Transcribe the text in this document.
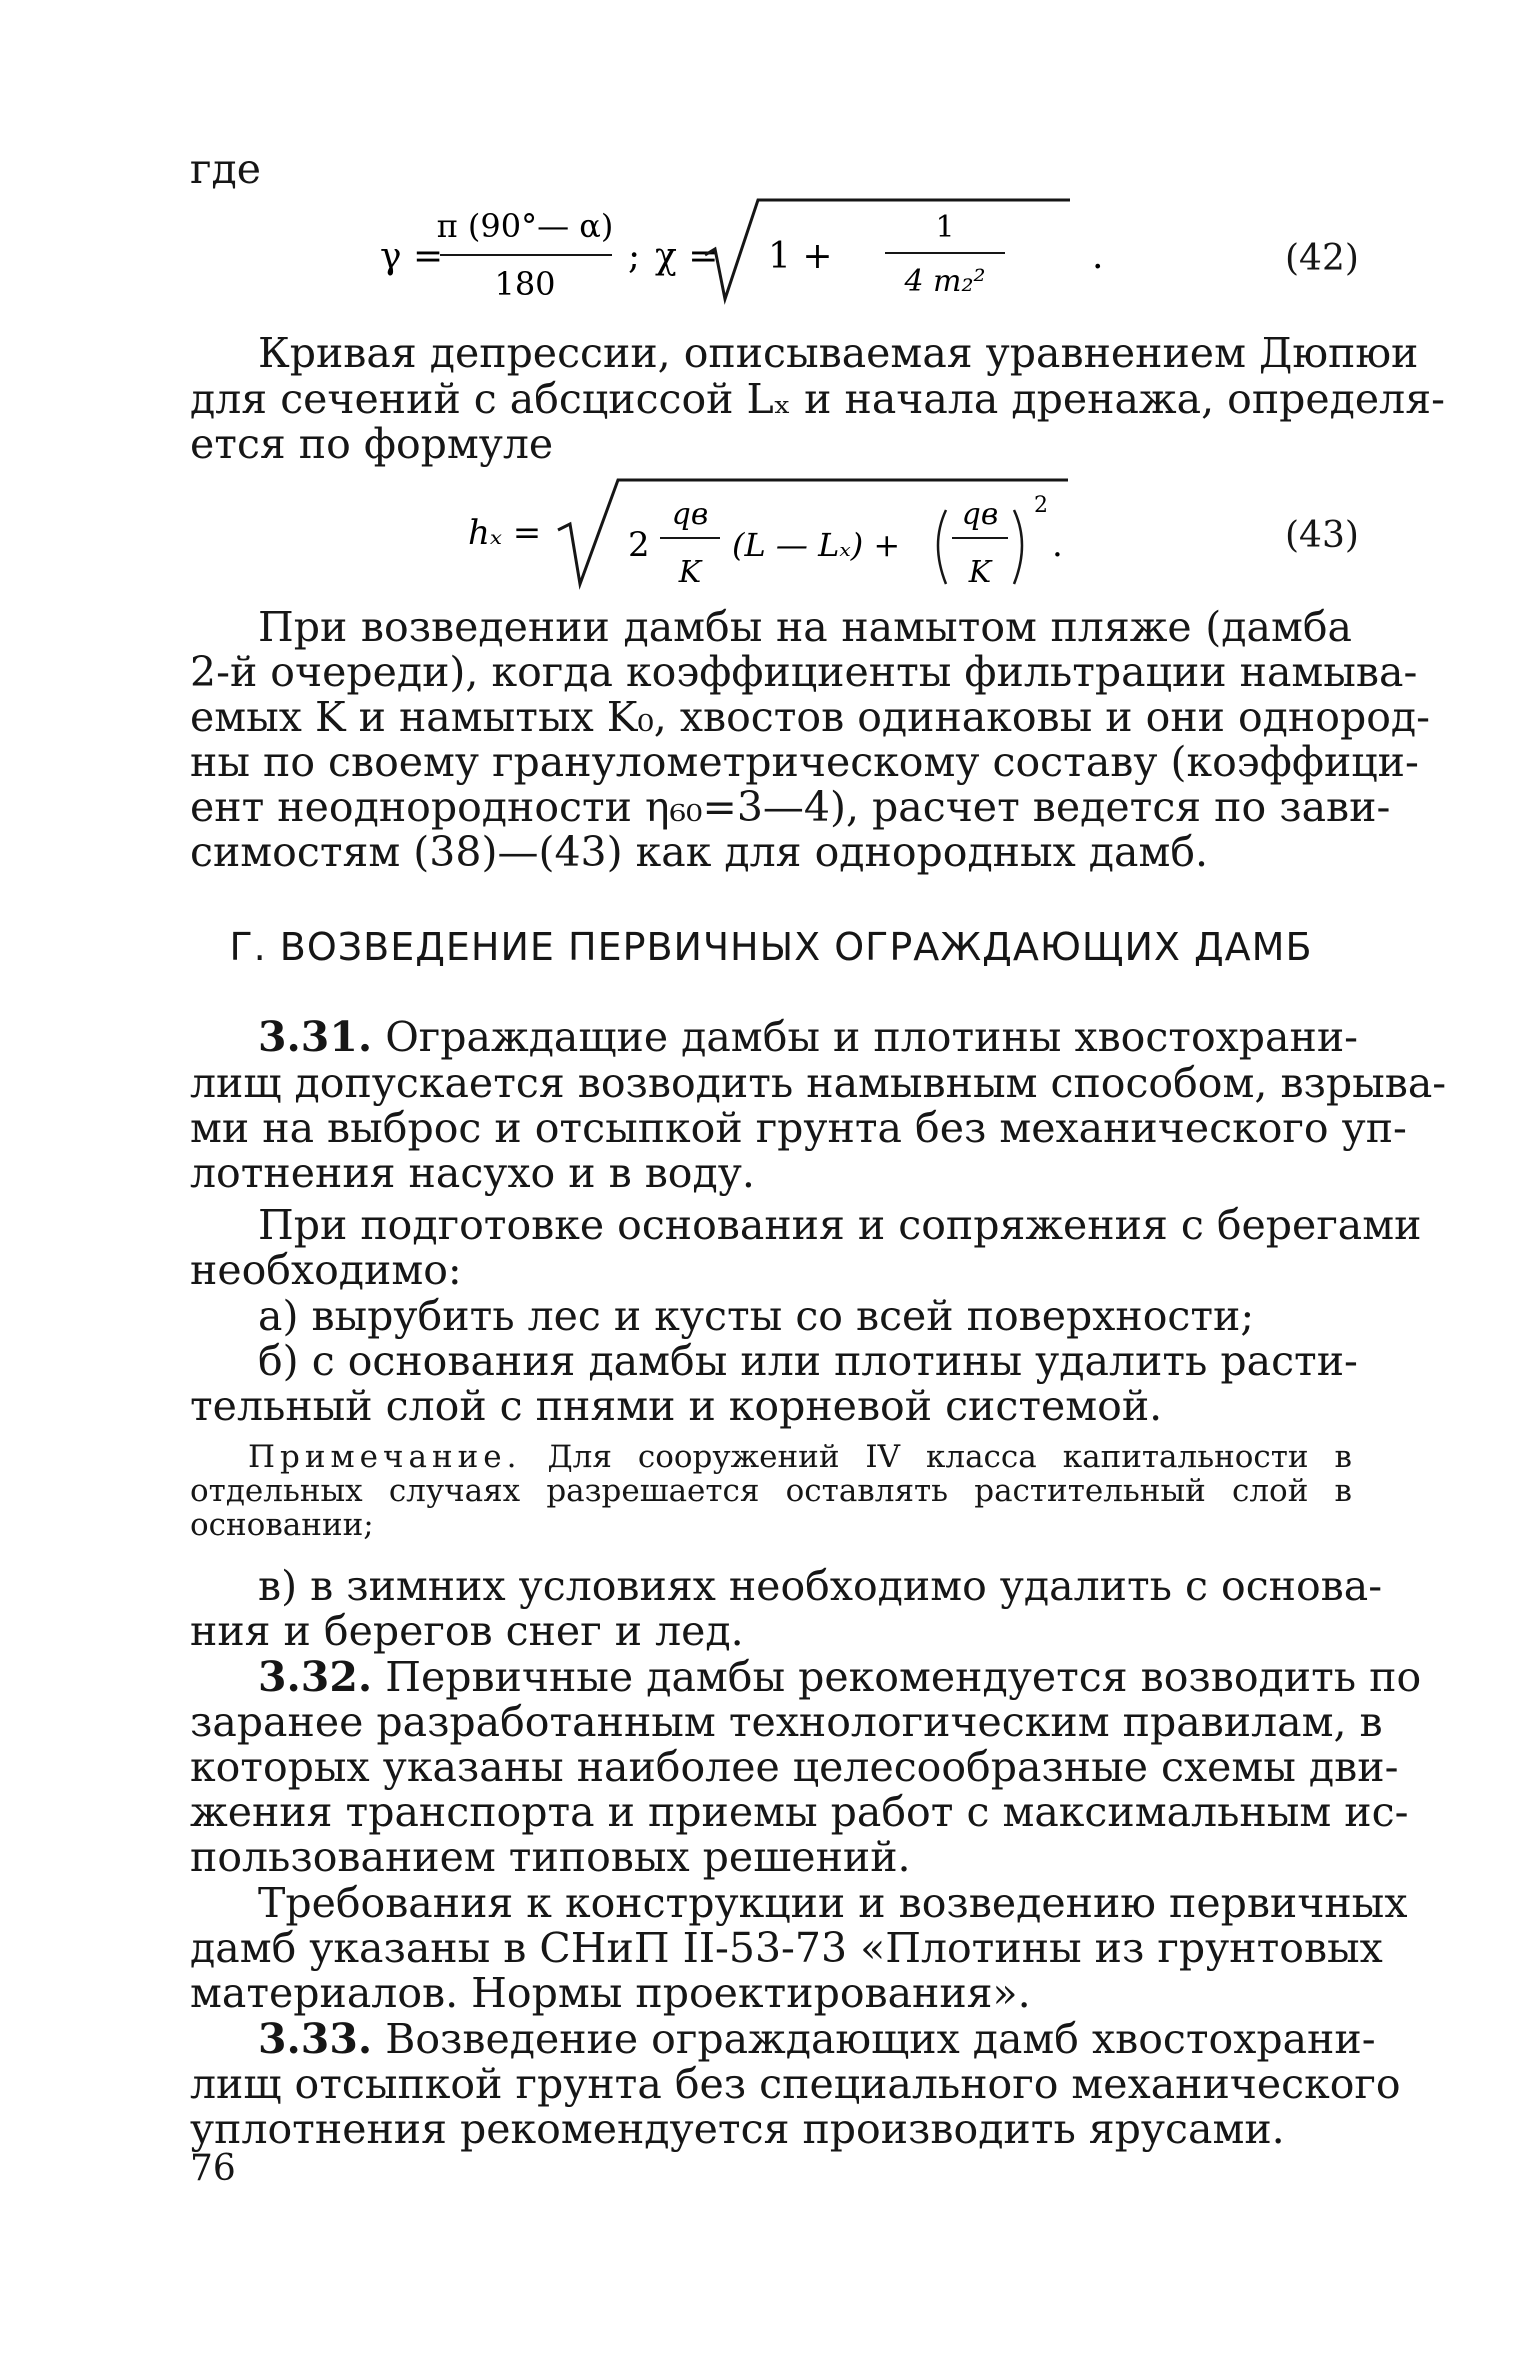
где
γ =
π (90°— α)
180
; χ = 1 +
1
4 m₂²
.	(42)
Кривая депрессии, описываемая уравнением Дюпюи
для сечений с абсциссой Lₓ и начала дренажа, определя-
ется по формуле
hₓ =	2
qв
K
(L — Lₓ) +
qв
K
2
.	(43)
При возведении дамбы на намытом пляже (дамба
2-й очереди), когда коэффициенты фильтрации намыва-
емых K и намытых K₀, хвостов одинаковы и они однород-
ны по своему гранулометрическому составу (коэффици-
ент неоднородности η₆₀=3—4), расчет ведется по зави-
симостям (38)—(43) как для однородных дамб.
Г. ВОЗВЕДЕНИЕ ПЕРВИЧНЫХ ОГРАЖДАЮЩИХ ДАМБ
3.31. Ограждащие дамбы и плотины хвостохрани-
лищ допускается возводить намывным способом, взрыва-
ми на выброс и отсыпкой грунта без механического уп-
лотнения насухо и в воду.
При подготовке основания и сопряжения с берегами
необходимо:
а) вырубить лес и кусты со всей поверхности;
б) с основания дамбы или плотины удалить расти-
тельный слой с пнями и корневой системой.
Примечание. Для сооружений IV класса капитальности в
отдельных случаях разрешается оставлять растительный слой в
основании;
в) в зимних условиях необходимо удалить с основа-
ния и берегов снег и лед.
3.32. Первичные дамбы рекомендуется возводить по
заранее разработанным технологическим правилам, в
которых указаны наиболее целесообразные схемы дви-
жения транспорта и приемы работ с максимальным ис-
пользованием типовых решений.
Требования к конструкции и возведению первичных
дамб указаны в СНиП II-53-73 «Плотины из грунтовых
материалов. Нормы проектирования».
3.33. Возведение ограждающих дамб хвостохрани-
лищ отсыпкой грунта без специального механического
уплотнения рекомендуется производить ярусами.
76
